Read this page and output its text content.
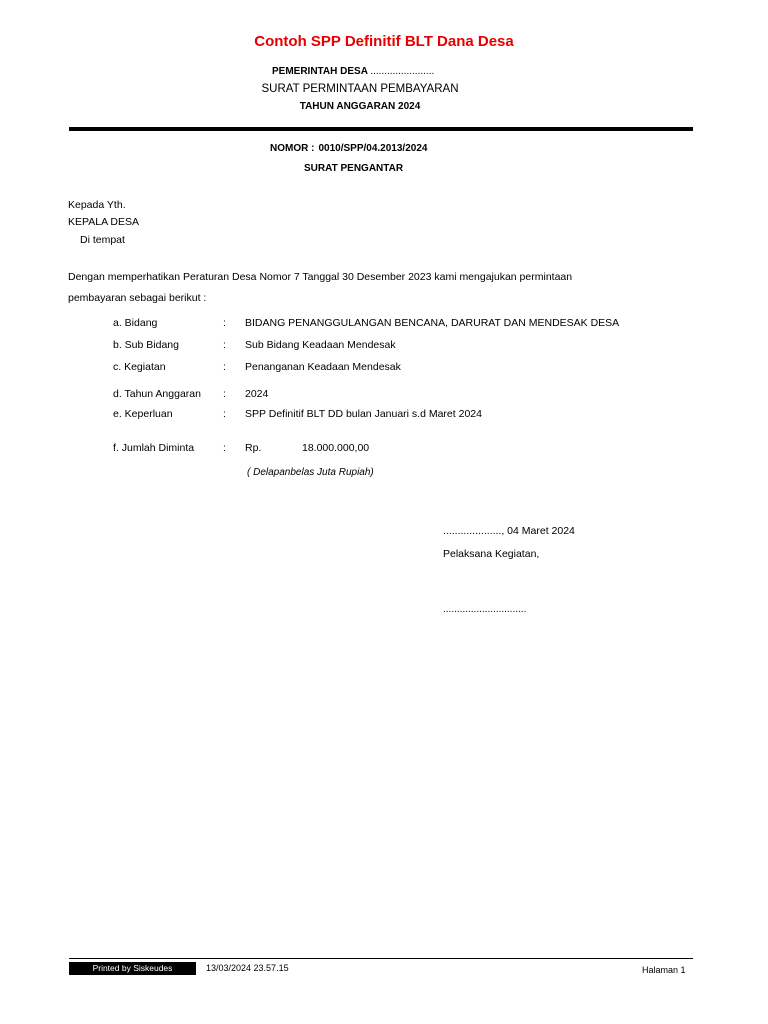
Contoh SPP Definitif BLT Dana Desa
PEMERINTAH DESA .......................
SURAT PERMINTAAN PEMBAYARAN
TAHUN ANGGARAN 2024
NOMOR : 0010/SPP/04.2013/2024
SURAT PENGANTAR
Kepada Yth.
KEPALA DESA
Di tempat
Dengan memperhatikan Peraturan Desa Nomor 7 Tanggal 30 Desember 2023 kami mengajukan permintaan
pembayaran sebagai berikut :
a. Bidang	: BIDANG PENANGGULANGAN BENCANA, DARURAT DAN MENDESAK DESA
b. Sub Bidang	: Sub Bidang Keadaan Mendesak
c. Kegiatan	: Penanganan Keadaan Mendesak
d. Tahun Anggaran : 2024
e. Keperluan	: SPP Definitif BLT DD bulan Januari s.d Maret 2024
f. Jumlah Diminta	: Rp.	18.000.000,00
( Delapanbelas Juta Rupiah)
...................., 04 Maret 2024
Pelaksana Kegiatan,
..............................
Printed by Siskeudes	13/03/2024 23.57.15	Halaman 1
